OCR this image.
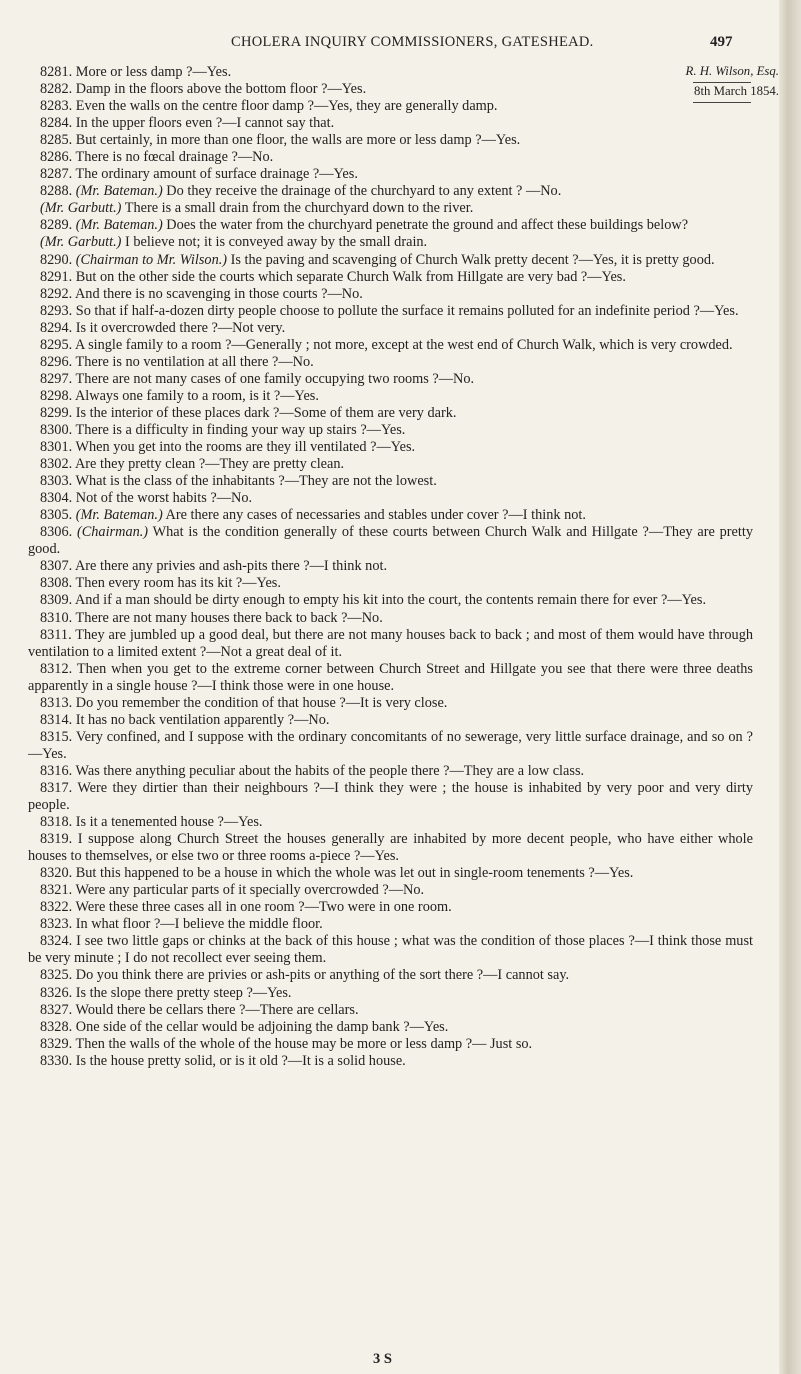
CHOLERA INQUIRY COMMISSIONERS, GATESHEAD.	497
R. H. Wilson, Esq.
8th March 1854.

8281. More or less damp ?—Yes.

8282. Damp in the floors above the bottom floor ?—Yes.

8283. Even the walls on the centre floor damp ?—Yes, they are generally damp.

8284. In the upper floors even ?—I cannot say that.

8285. But certainly, in more than one floor, the walls are more or less damp ?—Yes.

8286. There is no fœcal drainage ?—No.

8287. The ordinary amount of surface drainage ?—Yes.

8288. (Mr. Bateman.) Do they receive the drainage of the churchyard to any extent ? —No.

(Mr. Garbutt.) There is a small drain from the churchyard down to the river.

8289. (Mr. Bateman.) Does the water from the churchyard penetrate the ground and affect these buildings below?

(Mr. Garbutt.) I believe not; it is conveyed away by the small drain.

8290. (Chairman to Mr. Wilson.) Is the paving and scavenging of Church Walk pretty decent ?—Yes, it is pretty good.

8291. But on the other side the courts which separate Church Walk from Hillgate are very bad ?—Yes.

8292. And there is no scavenging in those courts ?—No.

8293. So that if half-a-dozen dirty people choose to pollute the surface it remains polluted for an indefinite period ?—Yes.

8294. Is it overcrowded there ?—Not very.

8295. A single family to a room ?—Generally ; not more, except at the west end of Church Walk, which is very crowded.

8296. There is no ventilation at all there ?—No.

8297. There are not many cases of one family occupying two rooms ?—No.

8298. Always one family to a room, is it ?—Yes.

8299. Is the interior of these places dark ?—Some of them are very dark.

8300. There is a difficulty in finding your way up stairs ?—Yes.

8301. When you get into the rooms are they ill ventilated ?—Yes.

8302. Are they pretty clean ?—They are pretty clean.

8303. What is the class of the inhabitants ?—They are not the lowest.

8304. Not of the worst habits ?—No.

8305. (Mr. Bateman.) Are there any cases of necessaries and stables under cover ?—I think not.

8306. (Chairman.) What is the condition generally of these courts between Church Walk and Hillgate ?—They are pretty good.

8307. Are there any privies and ash-pits there ?—I think not.

8308. Then every room has its kit ?—Yes.

8309. And if a man should be dirty enough to empty his kit into the court, the contents remain there for ever ?—Yes.

8310. There are not many houses there back to back ?—No.

8311. They are jumbled up a good deal, but there are not many houses back to back ; and most of them would have through ventilation to a limited extent ?—Not a great deal of it.

8312. Then when you get to the extreme corner between Church Street and Hillgate you see that there were three deaths apparently in a single house ?—I think those were in one house.

8313. Do you remember the condition of that house ?—It is very close.

8314. It has no back ventilation apparently ?—No.

8315. Very confined, and I suppose with the ordinary concomitants of no sewerage, very little surface drainage, and so on ?—Yes.

8316. Was there anything peculiar about the habits of the people there ?—They are a low class.

8317. Were they dirtier than their neighbours ?—I think they were ; the house is inhabited by very poor and very dirty people.

8318. Is it a tenemented house ?—Yes.

8319. I suppose along Church Street the houses generally are inhabited by more decent people, who have either whole houses to themselves, or else two or three rooms a-piece ?—Yes.

8320. But this happened to be a house in which the whole was let out in single-room tenements ?—Yes.

8321. Were any particular parts of it specially overcrowded ?—No.

8322. Were these three cases all in one room ?—Two were in one room.

8323. In what floor ?—I believe the middle floor.

8324. I see two little gaps or chinks at the back of this house ; what was the condition of those places ?—I think those must be very minute ; I do not recollect ever seeing them.

8325. Do you think there are privies or ash-pits or anything of the sort there ?—I cannot say.

8326. Is the slope there pretty steep ?—Yes.

8327. Would there be cellars there ?—There are cellars.

8328. One side of the cellar would be adjoining the damp bank ?—Yes.

8329. Then the walls of the whole of the house may be more or less damp ?— Just so.

8330. Is the house pretty solid, or is it old ?—It is a solid house.

3 S
